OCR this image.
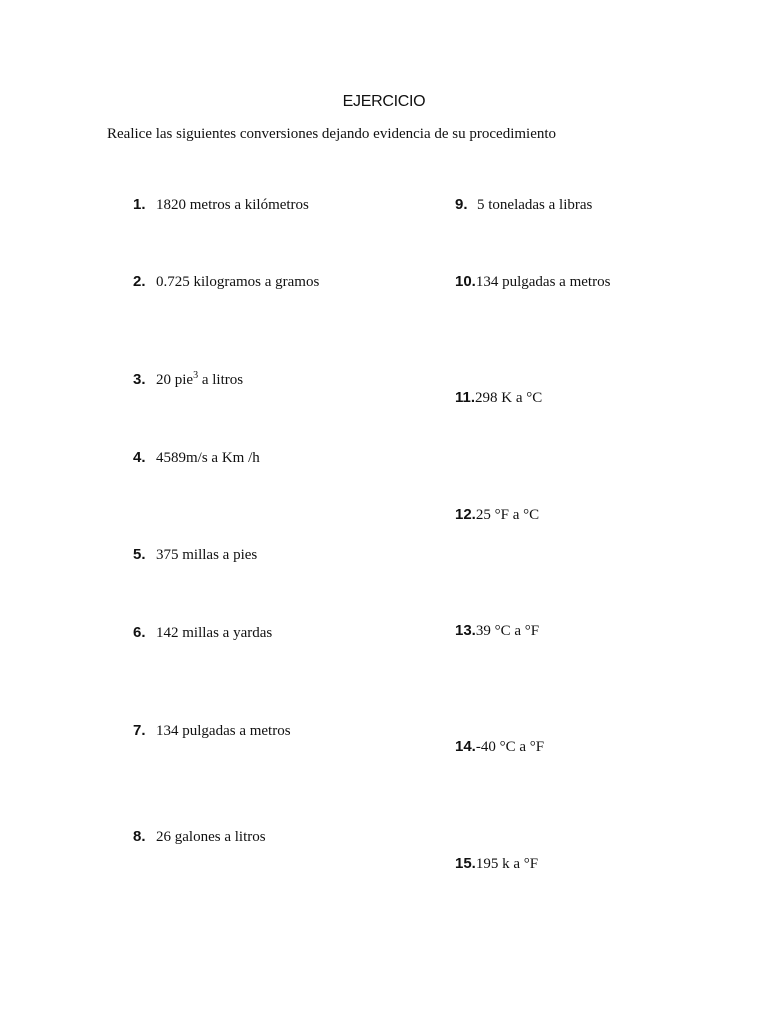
EJERCICIO
Realice las siguientes conversiones dejando evidencia de su procedimiento
1. 1820 metros a kilómetros
2. 0.725 kilogramos a gramos
3. 20 pie$^3$ a litros
4. 4589m/s a Km /h
5. 375 millas a pies
6. 142 millas a yardas
7. 134 pulgadas a metros
8. 26 galones a litros
9. 5 toneladas a libras
10. 134 pulgadas a metros
11. 298 K a °C
12. 25 °F a °C
13. 39 °C a °F
14. -40 °C a °F
15. 195 k a °F
